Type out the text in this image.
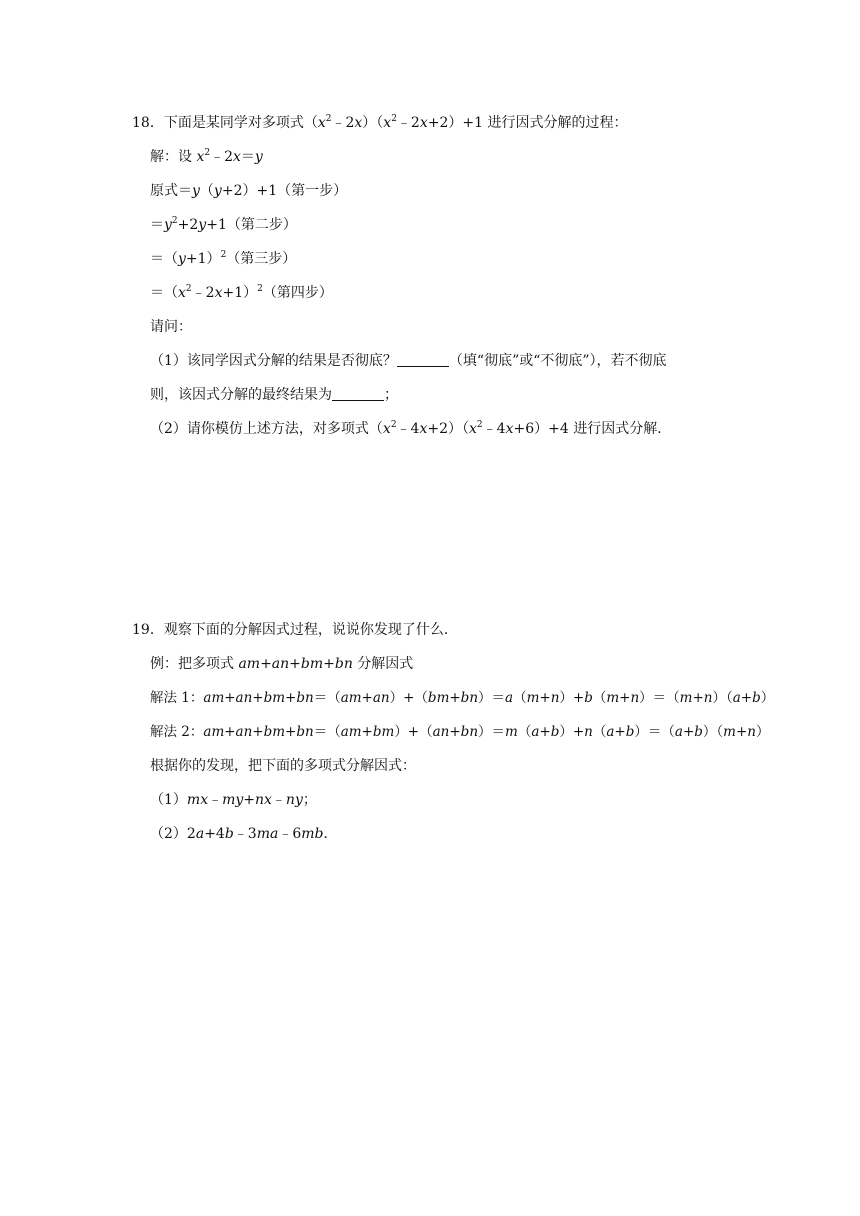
18．下面是某同学对多项式$(x^2﹣2x)(x^2﹣2x+2)+1$ 进行因式分解的过程：
解：设 $x^2﹣2x=y$
原式＝y（y+2）+1（第一步）
$=y^2+2y+1$（第二步）
$=(y+1)^2$（第三步）
$=(x^2﹣2x+1)^2$（第四步）
请问：
（1）该同学因式分解的结果是否彻底？	（填“彻底”或“不彻底”），若不彻底
则，该因式分解的最终结果为	；
（2）请你模仿上述方法，对多项式$(x^2﹣4x+2)(x^2﹣4x+6)+4$ 进行因式分解．
19．观察下面的分解因式过程，说说你发现了什么．
例：把多项式 am+an+bm+bn 分解因式
解法 1：am+an+bm+bn＝（am+an）+（bm+bn）＝a（m+n）+b（m+n）＝（m+n）（a+b）
解法 2：am+an+bm+bn＝（am+bm）+（an+bn）＝m（a+b）+n（a+b）＝（a+b）（m+n）
根据你的发现，把下面的多项式分解因式：
（1）mx﹣my+nx﹣ny；
（2）2a+4b﹣3ma﹣6mb．
